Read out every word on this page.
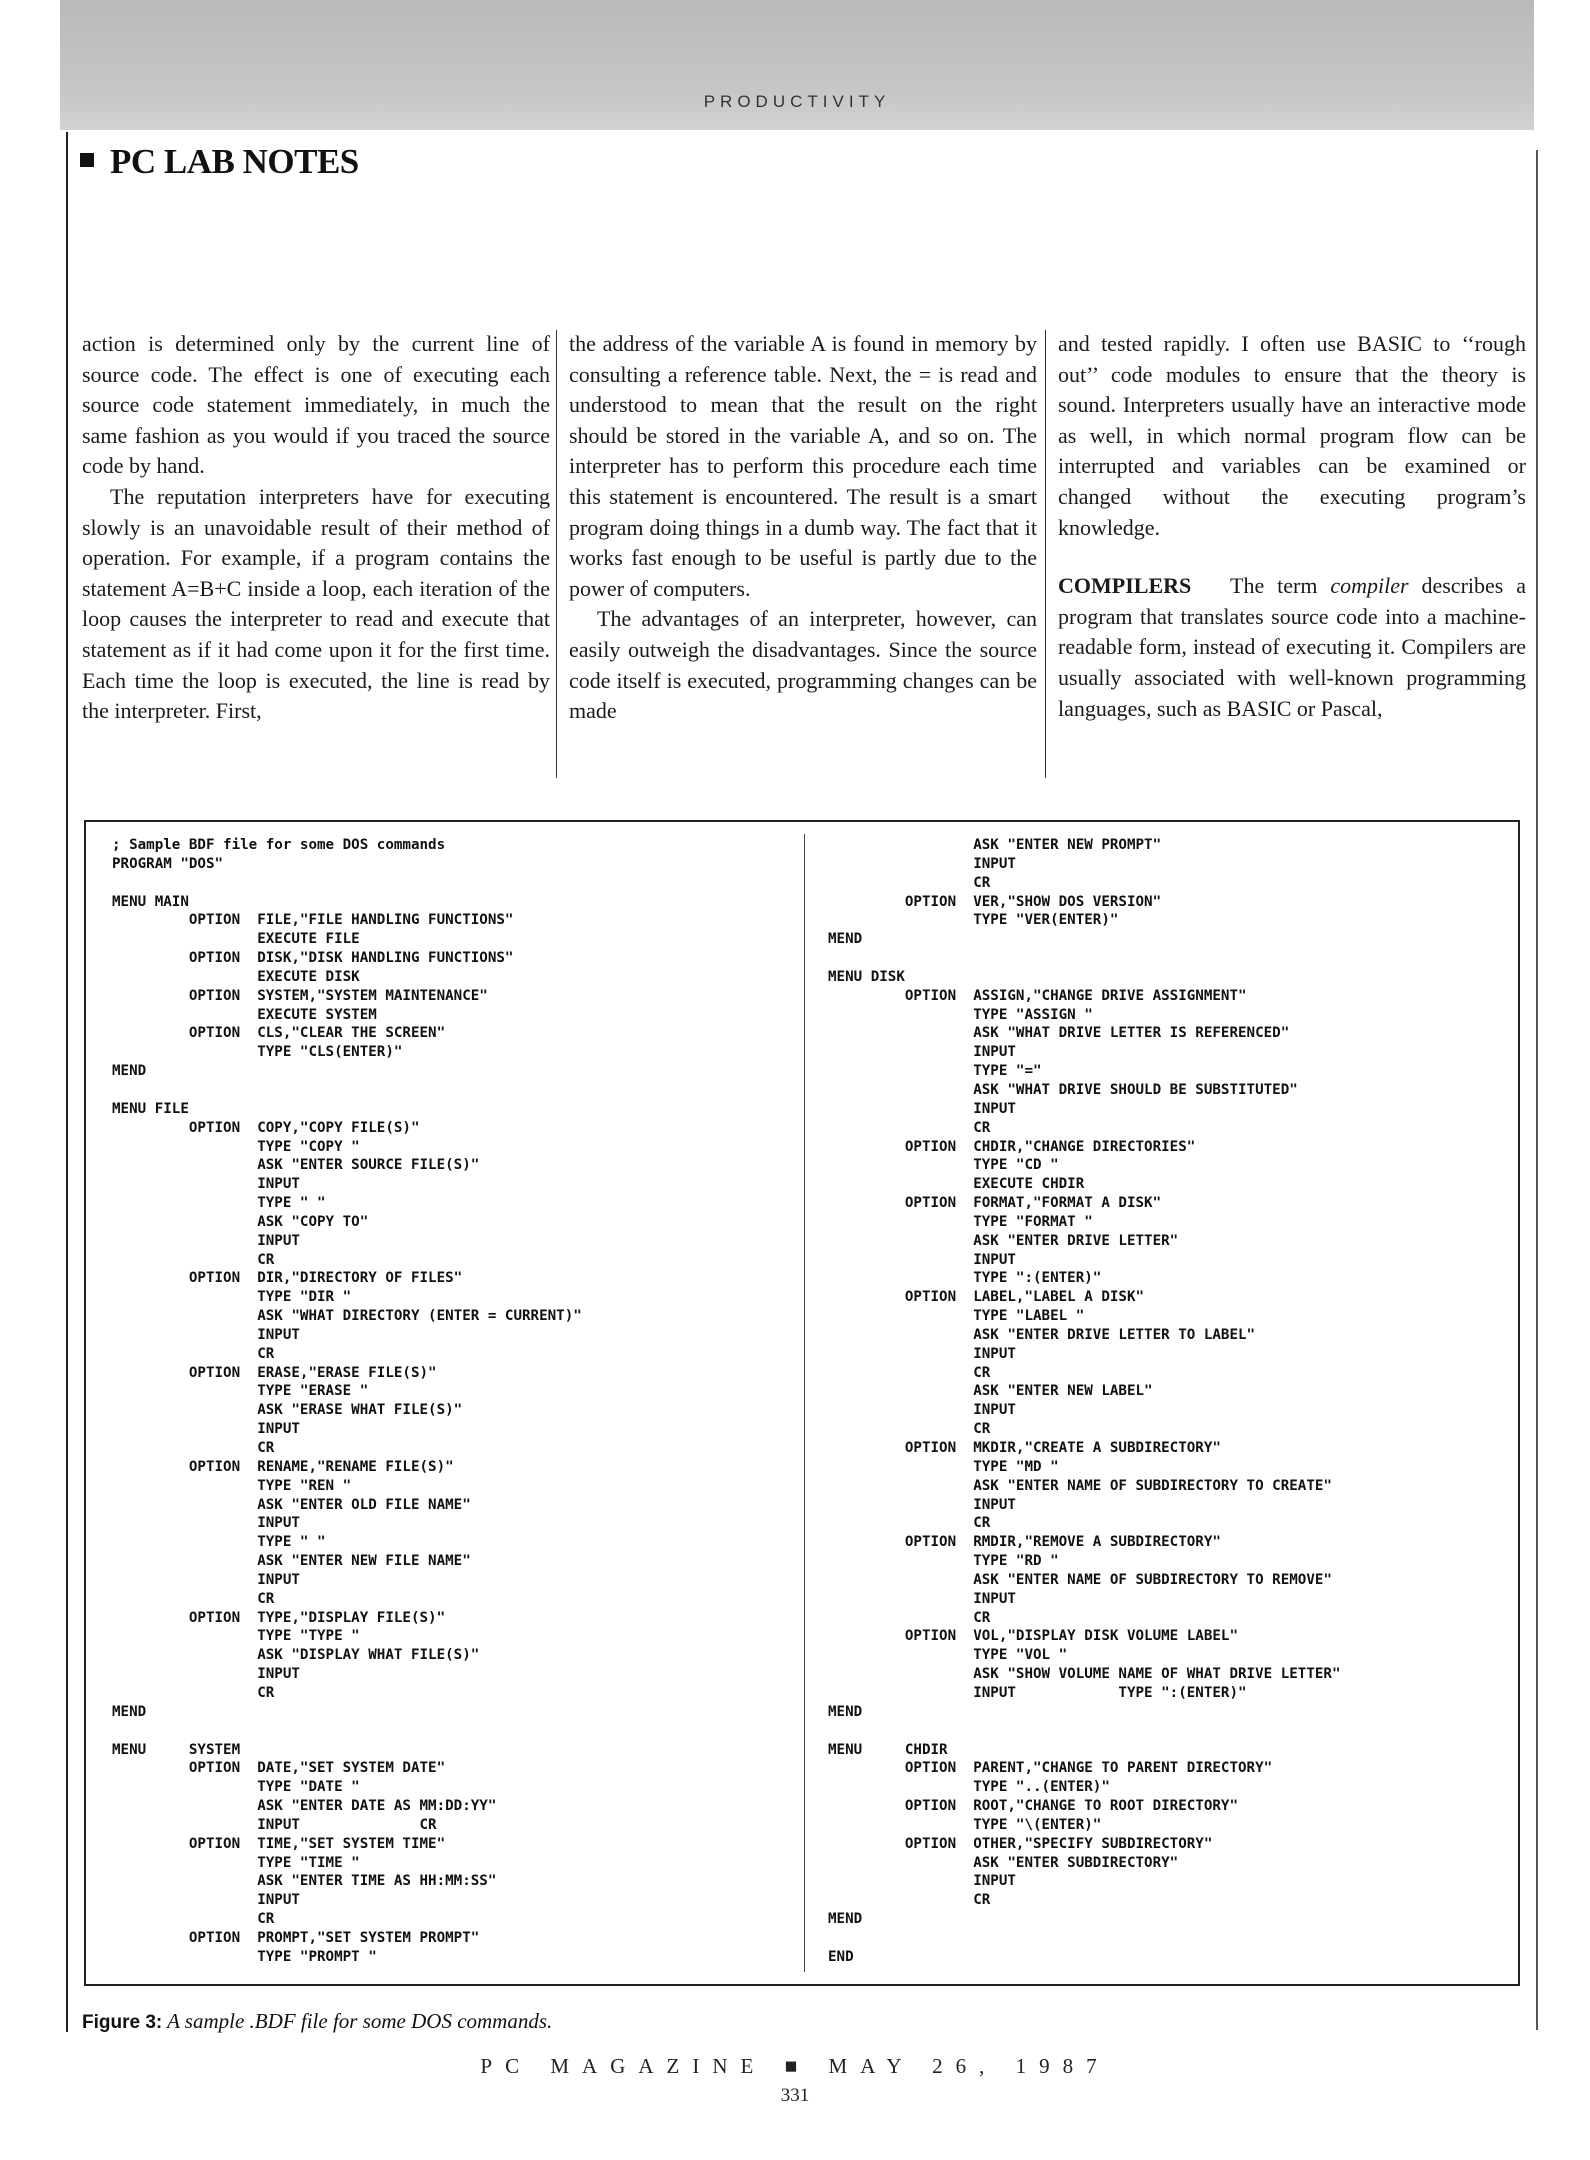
PRODUCTIVITY
PC LAB NOTES

action is determined only by the current line of source code. The effect is one of executing each source code statement immediately, in much the same fashion as you would if you traced the source code by hand.

The reputation interpreters have for executing slowly is an unavoidable result of their method of operation. For example, if a program contains the statement A=B+C inside a loop, each iteration of the loop causes the interpreter to read and execute that statement as if it had come upon it for the first time. Each time the loop is executed, the line is read by the interpreter. First,

the address of the variable A is found in memory by consulting a reference table. Next, the = is read and understood to mean that the result on the right should be stored in the variable A, and so on. The interpreter has to perform this procedure each time this statement is encountered. The result is a smart program doing things in a dumb way. The fact that it works fast enough to be useful is partly due to the power of computers.

The advantages of an interpreter, however, can easily outweigh the disadvantages. Since the source code itself is executed, programming changes can be made

and tested rapidly. I often use BASIC to ‘‘rough out’’ code modules to ensure that the theory is sound. Interpreters usually have an interactive mode as well, in which normal program flow can be interrupted and variables can be examined or changed without the executing program’s knowledge.

COMPILERS The term compiler describes a program that translates source code into a machine-readable form, instead of executing it. Compilers are usually associated with well-known programming languages, such as BASIC or Pascal,

; Sample BDF file for some DOS commands
PROGRAM "DOS"

MENU MAIN
OPTION  FILE,"FILE HANDLING FUNCTIONS"
EXECUTE FILE
OPTION  DISK,"DISK HANDLING FUNCTIONS"
EXECUTE DISK
OPTION  SYSTEM,"SYSTEM MAINTENANCE"
EXECUTE SYSTEM
OPTION  CLS,"CLEAR THE SCREEN"
TYPE "CLS(ENTER)"
MEND

MENU FILE
OPTION  COPY,"COPY FILE(S)"
TYPE "COPY "
ASK "ENTER SOURCE FILE(S)"
INPUT
TYPE " "
ASK "COPY TO"
INPUT
CR
OPTION  DIR,"DIRECTORY OF FILES"
TYPE "DIR "
ASK "WHAT DIRECTORY (ENTER = CURRENT)"
INPUT
CR
OPTION  ERASE,"ERASE FILE(S)"
TYPE "ERASE "
ASK "ERASE WHAT FILE(S)"
INPUT
CR
OPTION  RENAME,"RENAME FILE(S)"
TYPE "REN "
ASK "ENTER OLD FILE NAME"
INPUT
TYPE " "
ASK "ENTER NEW FILE NAME"
INPUT
CR
OPTION  TYPE,"DISPLAY FILE(S)"
TYPE "TYPE "
ASK "DISPLAY WHAT FILE(S)"
INPUT
CR
MEND

MENU     SYSTEM
OPTION  DATE,"SET SYSTEM DATE"
TYPE "DATE "
ASK "ENTER DATE AS MM:DD:YY"
INPUT              CR
OPTION  TIME,"SET SYSTEM TIME"
TYPE "TIME "
ASK "ENTER TIME AS HH:MM:SS"
INPUT
CR
OPTION  PROMPT,"SET SYSTEM PROMPT"
TYPE "PROMPT "
ASK "ENTER NEW PROMPT"
INPUT
CR
OPTION  VER,"SHOW DOS VERSION"
TYPE "VER(ENTER)"
MEND

MENU DISK
OPTION  ASSIGN,"CHANGE DRIVE ASSIGNMENT"
TYPE "ASSIGN "
ASK "WHAT DRIVE LETTER IS REFERENCED"
INPUT
TYPE "="
ASK "WHAT DRIVE SHOULD BE SUBSTITUTED"
INPUT
CR
OPTION  CHDIR,"CHANGE DIRECTORIES"
TYPE "CD "
EXECUTE CHDIR
OPTION  FORMAT,"FORMAT A DISK"
TYPE "FORMAT "
ASK "ENTER DRIVE LETTER"
INPUT
TYPE ":(ENTER)"
OPTION  LABEL,"LABEL A DISK"
TYPE "LABEL "
ASK "ENTER DRIVE LETTER TO LABEL"
INPUT
CR
ASK "ENTER NEW LABEL"
INPUT
CR
OPTION  MKDIR,"CREATE A SUBDIRECTORY"
TYPE "MD "
ASK "ENTER NAME OF SUBDIRECTORY TO CREATE"
INPUT
CR
OPTION  RMDIR,"REMOVE A SUBDIRECTORY"
TYPE "RD "
ASK "ENTER NAME OF SUBDIRECTORY TO REMOVE"
INPUT
CR
OPTION  VOL,"DISPLAY DISK VOLUME LABEL"
TYPE "VOL "
ASK "SHOW VOLUME NAME OF WHAT DRIVE LETTER"
INPUT            TYPE ":(ENTER)"
MEND

MENU     CHDIR
OPTION  PARENT,"CHANGE TO PARENT DIRECTORY"
TYPE "..(ENTER)"
OPTION  ROOT,"CHANGE TO ROOT DIRECTORY"
TYPE "\(ENTER)"
OPTION  OTHER,"SPECIFY SUBDIRECTORY"
ASK "ENTER SUBDIRECTORY"
INPUT
CR
MEND

END
Figure 3: A sample .BDF file for some DOS commands.
PC MAGAZINE ■ MAY 26, 1987
331
